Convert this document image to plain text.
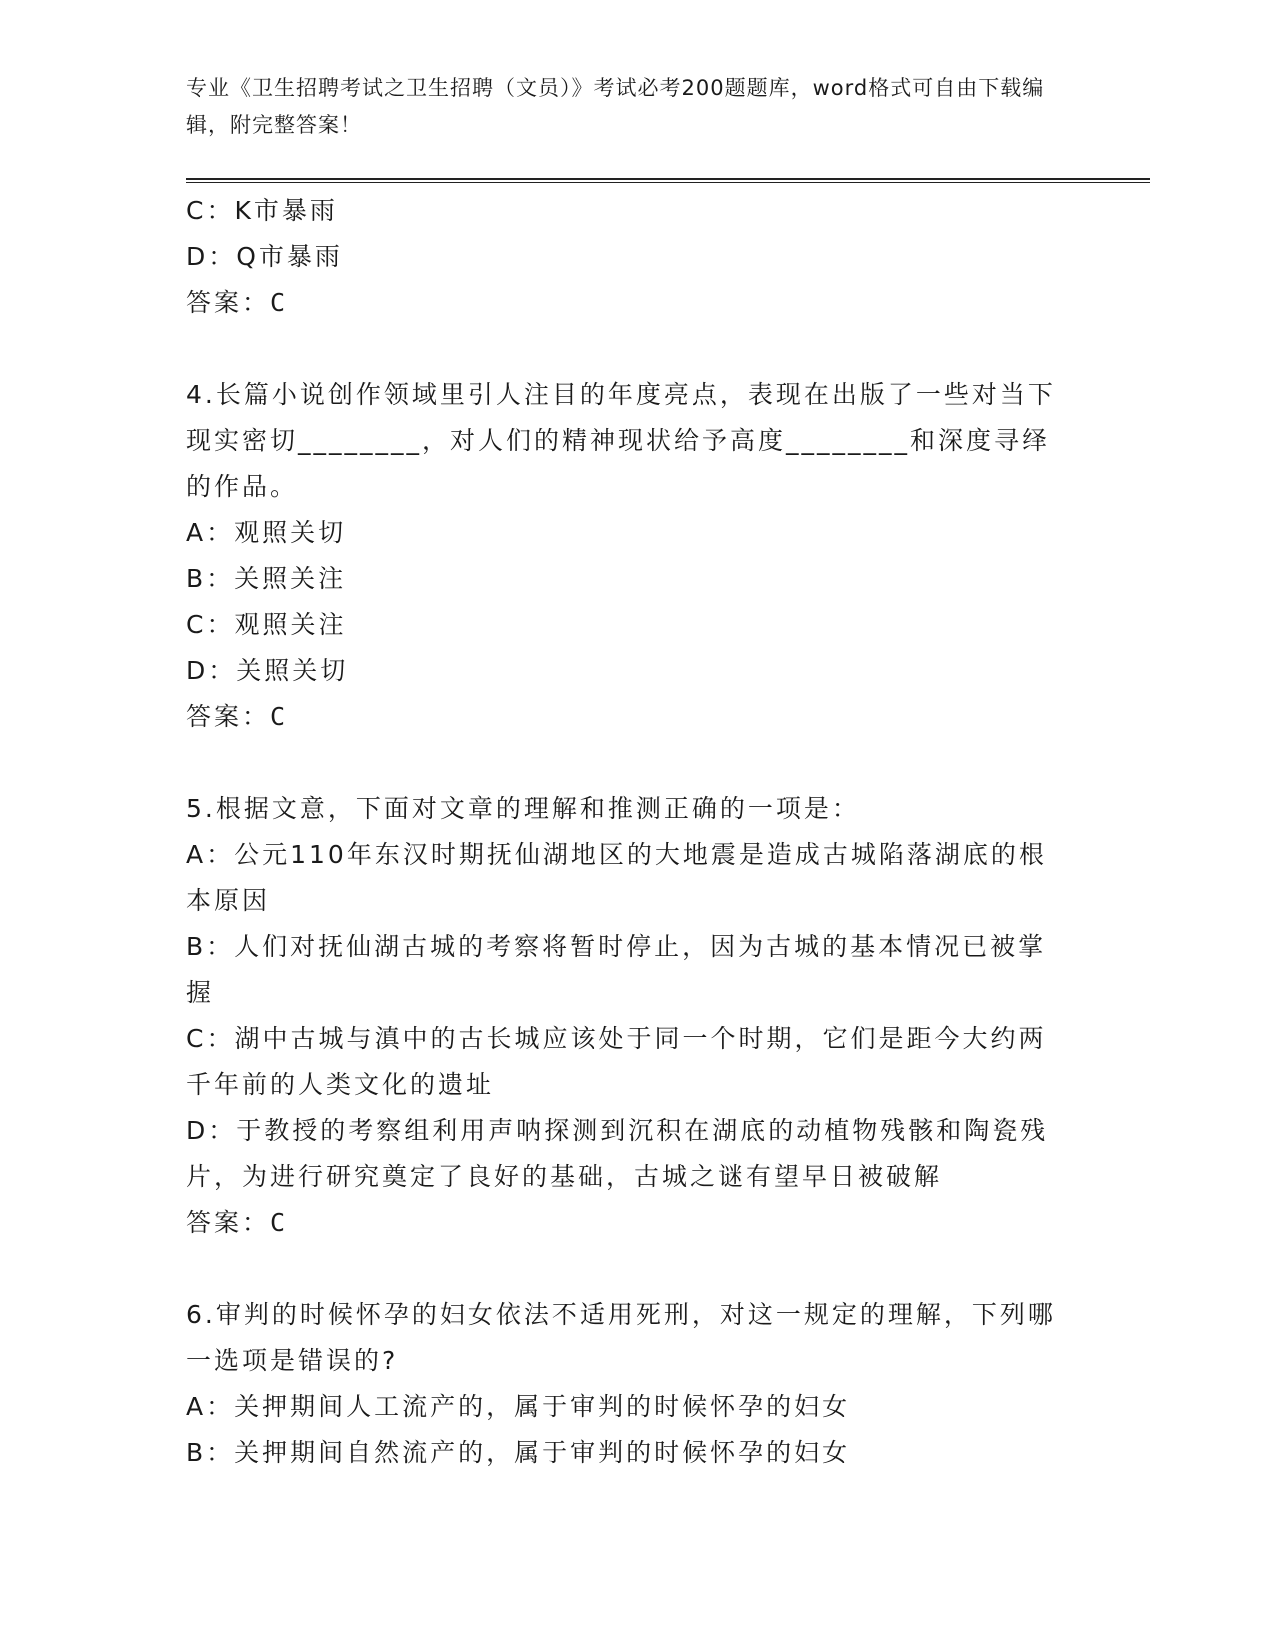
专业《卫生招聘考试之卫生招聘（文员）》考试必考200题题库，word格式可自由下载编辑，附完整答案！
C：K市暴雨
D：Q市暴雨
答案：C
4.长篇小说创作领域里引人注目的年度亮点，表现在出版了一些对当下现实密切________，对人们的精神现状给予高度________和深度寻绎的作品。
A：观照关切
B：关照关注
C：观照关注
D：关照关切
答案：C
5.根据文意，下面对文章的理解和推测正确的一项是：
A：公元110年东汉时期抚仙湖地区的大地震是造成古城陷落湖底的根本原因
B：人们对抚仙湖古城的考察将暂时停止，因为古城的基本情况已被掌握
C：湖中古城与滇中的古长城应该处于同一个时期，它们是距今大约两千年前的人类文化的遗址
D：于教授的考察组利用声呐探测到沉积在湖底的动植物残骸和陶瓷残片，为进行研究奠定了良好的基础，古城之谜有望早日被破解
答案：C
6.审判的时候怀孕的妇女依法不适用死刑，对这一规定的理解，下列哪一选项是错误的?
A：关押期间人工流产的，属于审判的时候怀孕的妇女
B：关押期间自然流产的，属于审判的时候怀孕的妇女
